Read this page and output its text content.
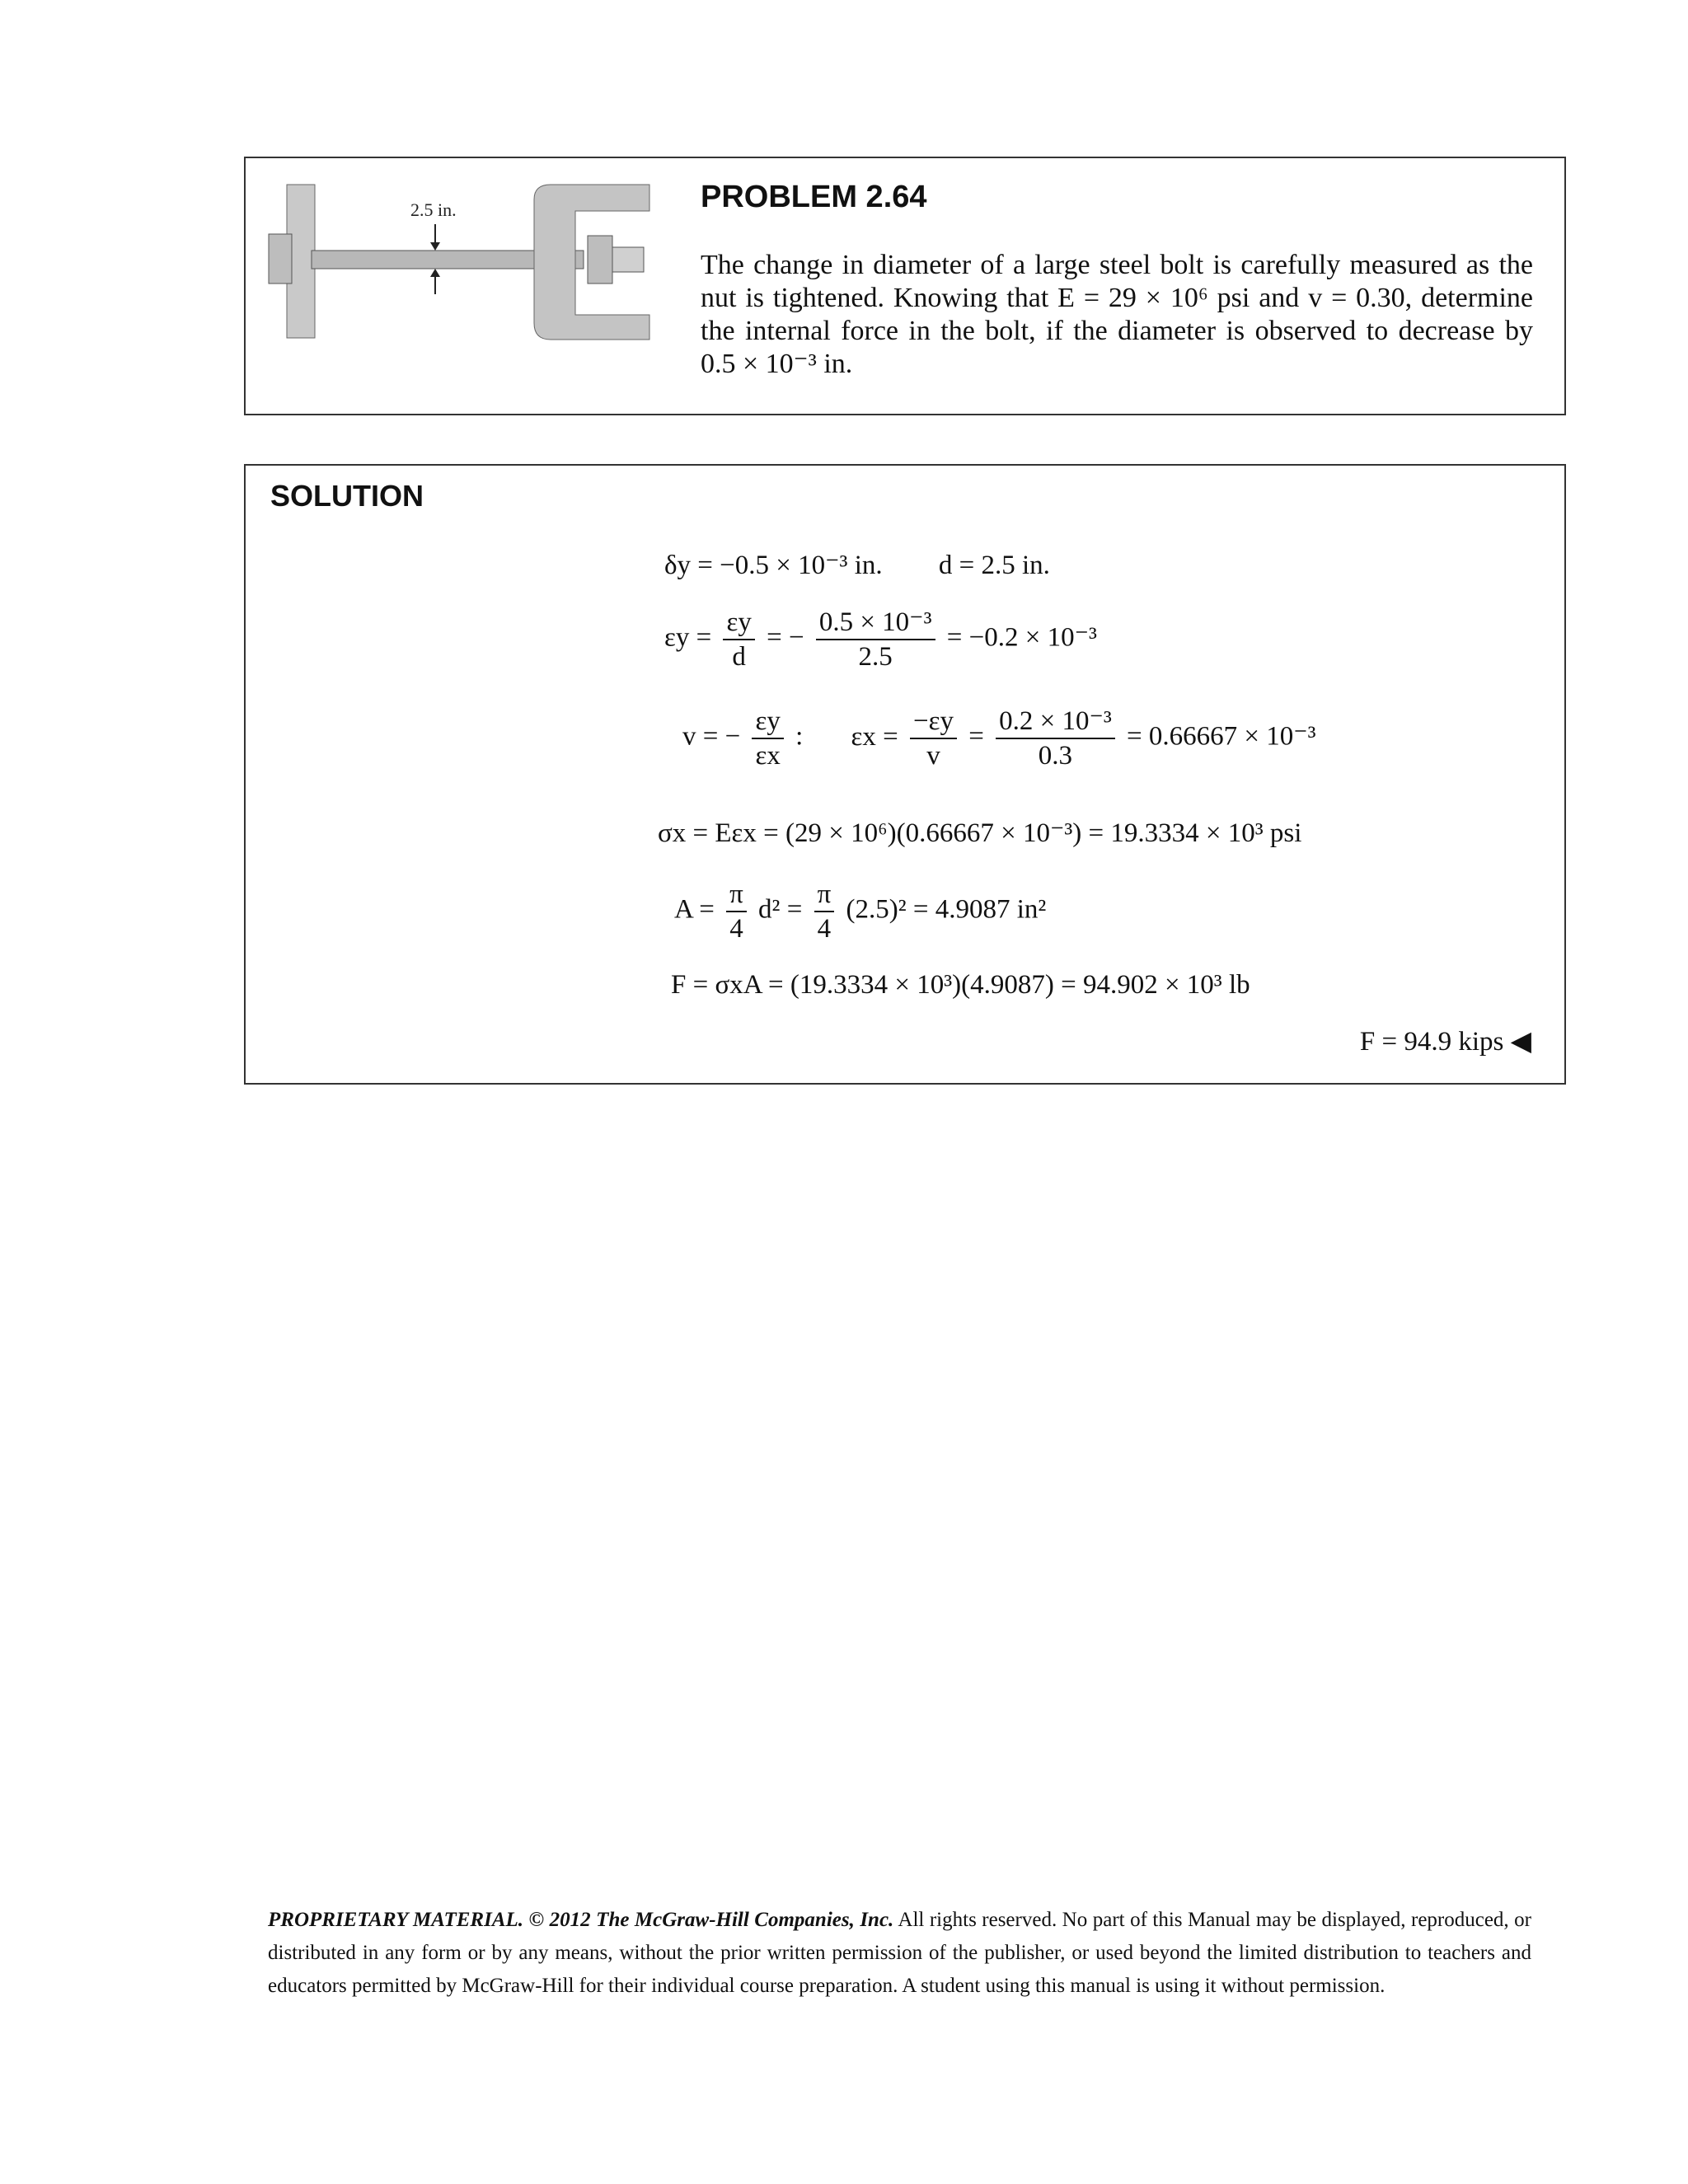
2.5 in.	PROBLEM 2.64
The change in diameter of a large steel bolt is carefully measured as the nut is tightened. Knowing that E = 29 × 10⁶ psi and v = 0.30, determine the internal force in the bolt, if the diameter is observed to decrease by 0.5 × 10⁻³ in.
SOLUTION
δy = −0.5 × 10⁻³ in. d = 2.5 in.
$\varepsilon y = \frac{\varepsilon y}{d}$ = − $\frac{\text{0.5 × 10⁻³}}{2.5} = -0.2 \times 10^{-3}$
v = − $\frac{\varepsilon y}{\varepsilon x}$ : $\varepsilon x = \frac{-\varepsilon y}{v} = \frac{\text{0.2 × 10⁻³}}{0.3} = 0.66667 \times 10^{-3}$
σx = Eεx = (29 × 10⁶)(0.66667 × 10⁻³) = 19.3334 × 10³ psi
$A = \frac{\pi}{4} d^2 = \frac{\pi}{4} (2.5)^2 = 4.9087$ in²
F = σxA = (19.3334 × 10³)(4.9087) = 94.902 × 10³ lb
F = 94.9 kips ◀
PROPRIETARY MATERIAL. © 2012 The McGraw-Hill Companies, Inc. All rights reserved. No part of this Manual may be displayed, reproduced, or distributed in any form or by any means, without the prior written permission of the publisher, or used beyond the limited distribution to teachers and educators permitted by McGraw-Hill for their individual course preparation. A student using this manual is using it without permission.
